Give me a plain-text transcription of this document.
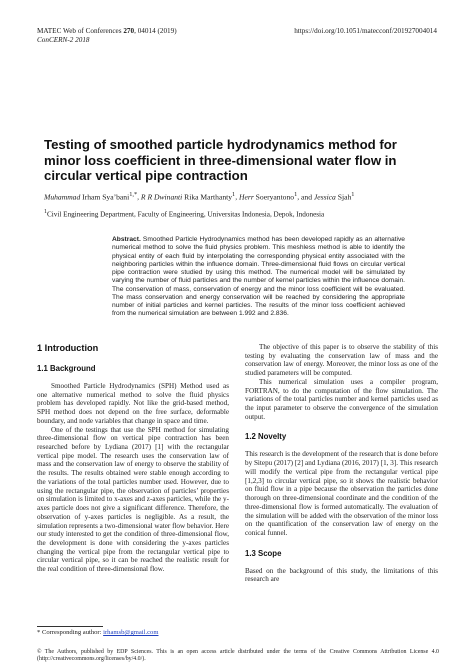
MATEC Web of Conferences 270, 04014 (2019)
ConCERN-2 2018
https://doi.org/10.1051/matecconf/201927004014
Testing of smoothed particle hydrodynamics method for minor loss coefficient in three-dimensional water flow in circular vertical pipe contraction
Muhammad Irham Sya’bani$^{1,*}$, R R Dwinanti Rika Marthanty$^1$, Herr Soeryantono$^1$, and Jessica Sjah$^1$
$^1$Civil Engineering Department, Faculty of Engineering, Universitas Indonesia, Depok, Indonesia
Abstract. Smoothed Particle Hydrodynamics method has been developed rapidly as an alternative numerical method to solve the fluid physics problem. This meshless method is able to identify the physical entity of each fluid by interpolating the corresponding physical entity associated with the neighboring particles within the influence domain. Three-dimensional fluid flows on circular vertical pipe contraction were studied by using this method. The numerical model will be simulated by varying the number of fluid particles and the number of kernel particles within the influence domain. The conservation of mass, conservation of energy and the minor loss coefficient will be evaluated. The mass conservation and energy conservation will be reached by considering the appropriate number of initial particles and kernel particles. The results of the minor loss coefficient achieved from the numerical simulation are between 1.992 and 2.836.
1 Introduction
1.1 Background

Smoothed Particle Hydrodynamics (SPH) Method used as one alternative numerical method to solve the fluid physics problem has developed rapidly. Not like the grid-based method, SPH method does not depend on the free surface, deformable boundary, and node variables that change in space and time.

One of the testings that use the SPH method for simulating three-dimensional flow on vertical pipe contraction has been researched before by Lydiana (2017) [1] with the rectangular vertical pipe model. The research uses the conservation law of mass and the conservation law of energy to observe the stability of the results. The results obtained were stable enough according to the variations of the total particles number used. However, due to using the rectangular pipe, the observation of particles’ properties on simulation is limited to x-axes and z-axes particles, while the y-axes particle does not give a significant difference. Therefore, the observation of y-axes particles is negligible. As a result, the simulation represents a two-dimensional water flow behavior. Here our study interested to get the condition of three-dimensional flow, the development is done with considering the y-axes particles changing the vertical pipe from the rectangular vertical pipe to circular vertical pipe, so it can be reached the realistic result for the real condition of three-dimensional flow.

The objective of this paper is to observe the stability of this testing by evaluating the conservation law of mass and the conservation law of energy. Moreover, the minor loss as one of the studied parameters will be computed.

This numerical simulation uses a compiler program, FORTRAN, to do the computation of the flow simulation. The variations of the total particles number and kernel particles used as the input parameter to observe the convergence of the simulation output.

1.2 Novelty

This research is the development of the research that is done before by Sitepu (2017) [2] and Lydiana (2016, 2017) [1, 3]. This research will modify the vertical pipe from the rectangular vertical pipe [1,2,3] to circular vertical pipe, so it shows the realistic behavior on fluid flow in a pipe because the observation the particles done thorough on three-dimensional coordinate and the condition of the three-dimensional flow is formed automatically. The evaluation of the simulation will be added with the observation of the minor loss on the quantification of the conservation law of energy on the conical funnel.

1.3 Scope

Based on the background of this study, the limitations of this research are

* Corresponding author: irhamsb@gmail.com
© The Authors, published by EDP Sciences. This is an open access article distributed under the terms of the Creative Commons Attribution License 4.0 (http://creativecommons.org/licenses/by/4.0/).
